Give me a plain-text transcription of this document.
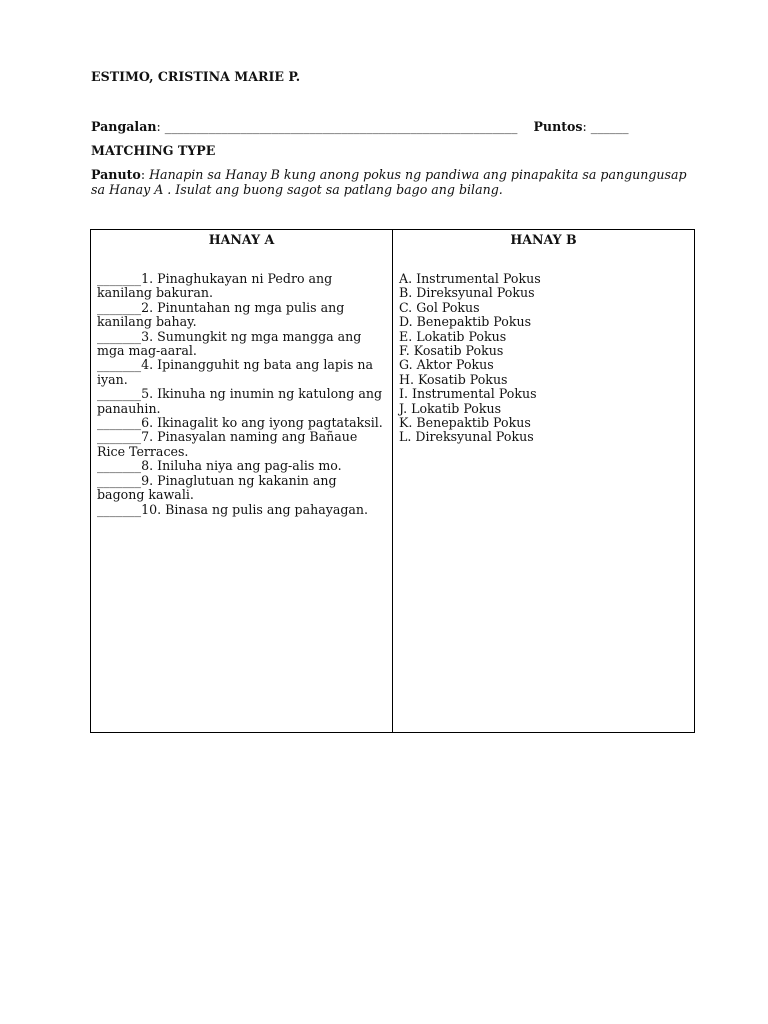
ESTIMO, CRISTINA MARIE P.
Pangalan: ________________________________________________________ Puntos: ______
MATCHING TYPE
Panuto: Hanapin sa Hanay B kung anong pokus ng pandiwa ang pinapakita sa pangungusap sa Hanay A . Isulat ang buong sagot sa patlang bago ang bilang.
HANAY A
_______1. Pinaghukayan ni Pedro ang kanilang bakuran.
_______2. Pinuntahan ng mga pulis ang kanilang bahay.
_______3. Sumungkit ng mga mangga ang mga mag-aaral.
_______4. Ipinangguhit ng bata ang lapis na iyan.
_______5. Ikinuha ng inumin ng katulong ang panauhin.
_______6. Ikinagalit ko ang iyong pagtataksil.
_______7. Pinasyalan naming ang Bañaue Rice Terraces.
_______8. Iniluha niya ang pag-alis mo.
_______9. Pinaglutuan ng kakanin ang bagong kawali.
_______10. Binasa ng pulis ang pahayagan.
HANAY B
A. Instrumental Pokus
B. Direksyunal Pokus
C. Gol Pokus
D. Benepaktib Pokus
E. Lokatib Pokus
F. Kosatib Pokus
G. Aktor Pokus
H. Kosatib Pokus
I. Instrumental Pokus
J. Lokatib Pokus
K. Benepaktib Pokus
L. Direksyunal Pokus
